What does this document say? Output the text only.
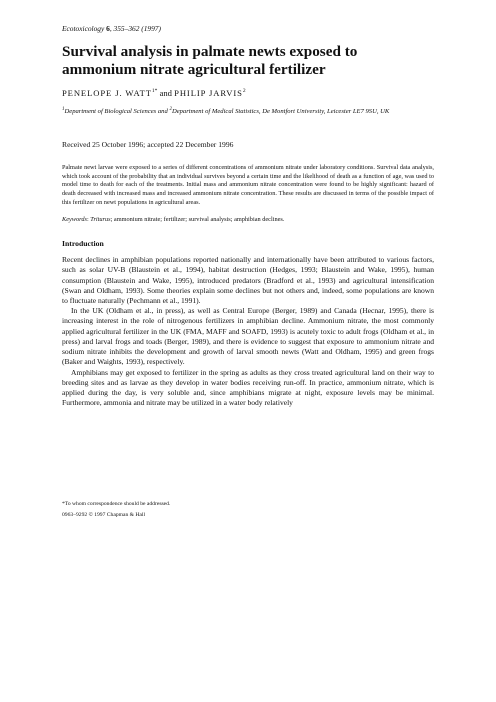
Ecotoxicology 6, 355–362 (1997)

Survival analysis in palmate newts exposed to ammonium nitrate agricultural fertilizer

PENELOPE J. $WATT^{1*}$ and PHILIP JARVIS$^2$

$^1$Department of Biological Sciences and $^2$Department of Medical Statistics, De Montfort University, Leicester LE7 9SU, UK

Received 25 October 1996; accepted 22 December 1996

Palmate newt larvae were exposed to a series of different concentrations of ammonium nitrate under laboratory conditions. Survival data analysis, which took account of the probability that an individual survives beyond a certain time and the likelihood of death as a function of age, was used to model time to death for each of the treatments. Initial mass and ammonium nitrate concentration were found to be highly significant: hazard of death decreased with increased mass and increased ammonium nitrate concentration. These results are discussed in terms of the possible impact of this fertilizer on newt populations in agricultural areas.

Keywords: Triturus; ammonium nitrate; fertilizer; survival analysis; amphibian declines.

Introduction

Recent declines in amphibian populations reported nationally and internationally have been attributed to various factors, such as solar UV-B (Blaustein et al., 1994), habitat destruction (Hedges, 1993; Blaustein and Wake, 1995), human consumption (Blaustein and Wake, 1995), introduced predators (Bradford et al., 1993) and agricultural intensification (Swan and Oldham, 1993). Some theories explain some declines but not others and, indeed, some populations are known to fluctuate naturally (Pechmann et al., 1991).

In the UK (Oldham et al., in press), as well as Central Europe (Berger, 1989) and Canada (Hecnar, 1995), there is increasing interest in the role of nitrogenous fertilizers in amphibian decline. Ammonium nitrate, the most commonly applied agricultural fertilizer in the UK (FMA, MAFF and SOAFD, 1993) is acutely toxic to adult frogs (Oldham et al., in press) and larval frogs and toads (Berger, 1989), and there is evidence to suggest that exposure to ammonium nitrate and sodium nitrate inhibits the development and growth of larval smooth newts (Watt and Oldham, 1995) and green frogs (Baker and Waights, 1993), respectively.

Amphibians may get exposed to fertilizer in the spring as adults as they cross treated agricultural land on their way to breeding sites and as larvae as they develop in water bodies receiving run-off. In practice, ammonium nitrate, which is applied during the day, is very soluble and, since amphibians migrate at night, exposure levels may be minimal. Furthermore, ammonia and nitrate may be utilized in a water body relatively

*To whom correspondence should be addressed.

0963–9292 © 1997 Chapman & Hall
